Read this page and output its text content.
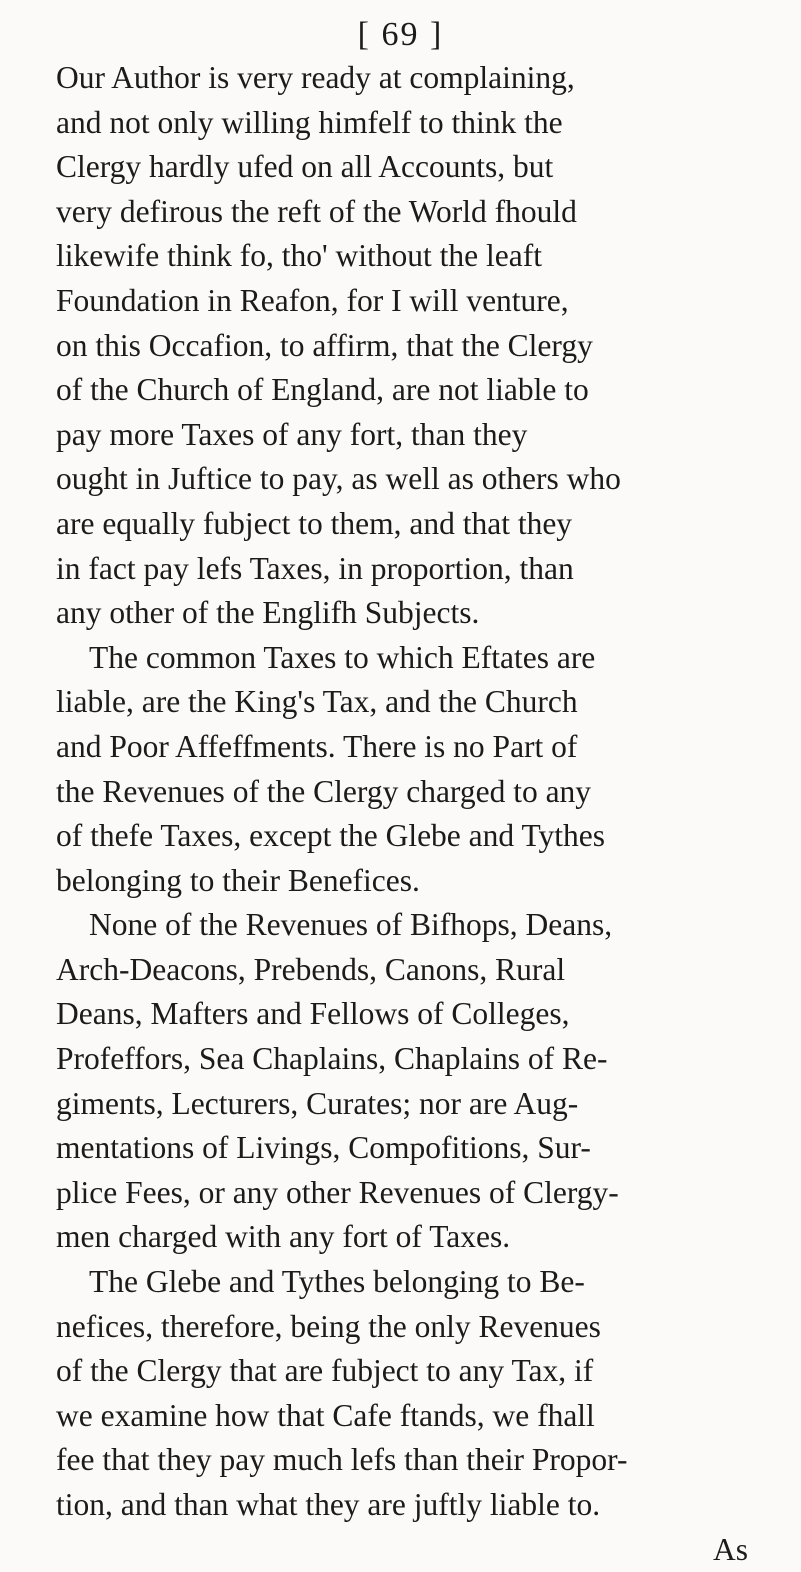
[ 69 ]
Our Author is very ready at complaining,
and not only willing himfelf to think the
Clergy hardly ufed on all Accounts, but
very defirous the reft of the World fhould
likewife think fo, tho' without the leaft
Foundation in Reafon, for I will venture,
on this Occafion, to affirm, that the Clergy
of the Church of England, are not liable to
pay more Taxes of any fort, than they
ought in Juftice to pay, as well as others who
are equally fubject to them, and that they
in fact pay lefs Taxes, in proportion, than
any other of the Englifh Subjects.
The common Taxes to which Eftates are
liable, are the King's Tax, and the Church
and Poor Affeffments. There is no Part of
the Revenues of the Clergy charged to any
of thefe Taxes, except the Glebe and Tythes
belonging to their Benefices.
None of the Revenues of Bifhops, Deans,
Arch-Deacons, Prebends, Canons, Rural
Deans, Mafters and Fellows of Colleges,
Profeffors, Sea Chaplains, Chaplains of Re-
giments, Lecturers, Curates; nor are Aug-
mentations of Livings, Compofitions, Sur-
plice Fees, or any other Revenues of Clergy-
men charged with any fort of Taxes.
The Glebe and Tythes belonging to Be-
nefices, therefore, being the only Revenues
of the Clergy that are fubject to any Tax, if
we examine how that Cafe ftands, we fhall
fee that they pay much lefs than their Propor-
tion, and than what they are juftly liable to.
As
